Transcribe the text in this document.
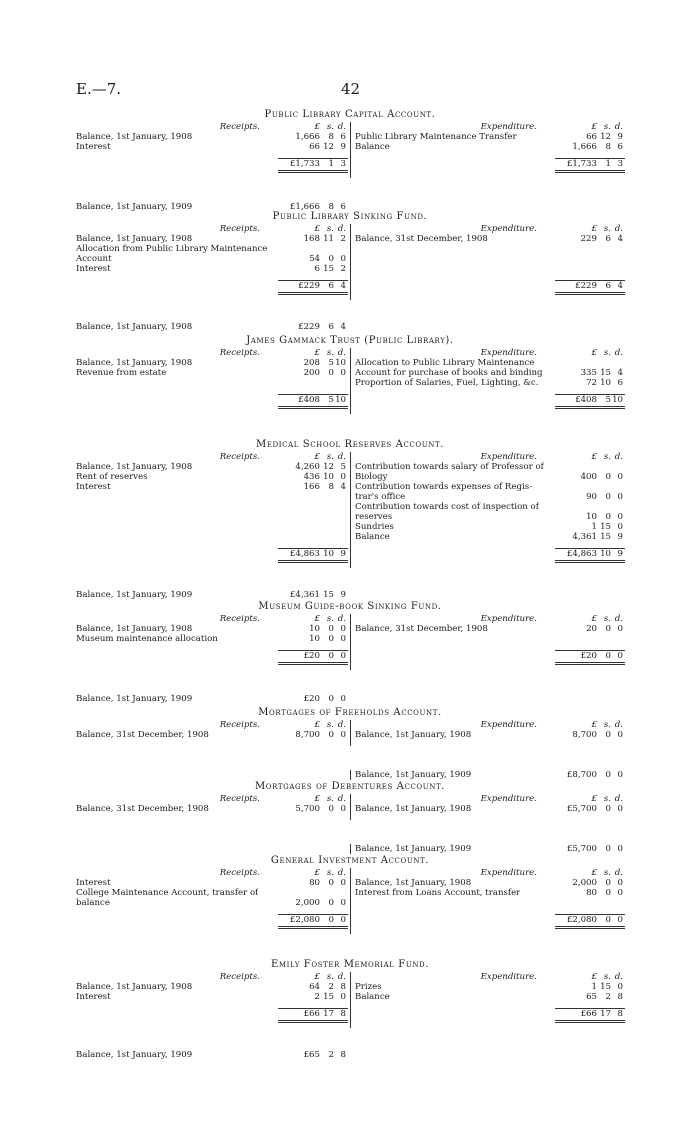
E.—7.	42
Public Library Capital Account.
Receipts.	£ s. d.
Balance, 1st January, 1908	1,666 8 6
Interest	66 12 9
£1,733 1 3
Balance, 1st January, 1909	£1,666 8 6
Expenditure.	£ s. d.
Public Library Maintenance Transfer	66 12 9
Balance	1,666 8 6
£1,733 1 3
Public Library Sinking Fund.
Receipts.	£ s. d.
Balance, 1st January, 1908	168 11 2
Allocation from Public Library Maintenance
Account	54 0 0
Interest	6 15 2
£229 6 4
Balance, 1st January, 1908	£229 6 4
Expenditure.	£ s. d.
Balance, 31st December, 1908	229 6 4
£229 6 4
James Gammack Trust (Public Library).
Receipts.	£ s. d.
Balance, 1st January, 1908	208 5 10
Revenue from estate	200 0 0
£408 5 10
Expenditure.	£ s. d.
Allocation to Public Library Maintenance
Account for purchase of books and binding	335 15 4
Proportion of Salaries, Fuel, Lighting, &c.	72 10 6
£408 5 10
Medical School Reserves Account.
Receipts.	£ s. d.
Balance, 1st January, 1908	4,260 12 5
Rent of reserves	436 10 0
Interest	166 8 4
£4,863 10 9
Balance, 1st January, 1909	£4,361 15 9
Expenditure.	£ s. d.
Contribution towards salary of Professor of
Biology	400 0 0
Contribution towards expenses of Regis-
trar's office	90 0 0
Contribution towards cost of inspection of
reserves	10 0 0
Sundries	1 15 0
Balance	4,361 15 9
£4,863 10 9
Museum Guide-book Sinking Fund.
Receipts.	£ s. d.
Balance, 1st January, 1908	10 0 0
Museum maintenance allocation	10 0 0
£20 0 0
Balance, 1st January, 1909	£20 0 0
Expenditure.	£ s. d.
Balance, 31st December, 1908	20 0 0
£20 0 0
Mortgages of Freeholds Account.
Receipts.	£ s. d.
Balance, 31st December, 1908	8,700 0 0
Expenditure.	£ s. d.
Balance, 1st January, 1908	8,700 0 0
Balance, 1st January, 1909	£8,700 0 0
Mortgages of Debentures Account.
Receipts.	£ s. d.
Balance, 31st December, 1908	5,700 0 0
Expenditure.	£ s. d.
Balance, 1st January, 1908	£5,700 0 0
Balance, 1st January, 1909	£5,700 0 0
General Investment Account.
Receipts.	£ s. d.
Interest	80 0 0
College Maintenance Account, transfer of
balance	2,000 0 0
£2,080 0 0
Expenditure.	£ s. d.
Balance, 1st January, 1908	2,000 0 0
Interest from Loans Account, transfer	80 0 0
£2,080 0 0
Emily Foster Memorial Fund.
Receipts.	£ s. d.
Balance, 1st January, 1908	64 2 8
Interest	2 15 0
£66 17 8
Balance, 1st January, 1909	£65 2 8
Expenditure.	£ s. d.
Prizes	1 15 0
Balance	65 2 8
£66 17 8
